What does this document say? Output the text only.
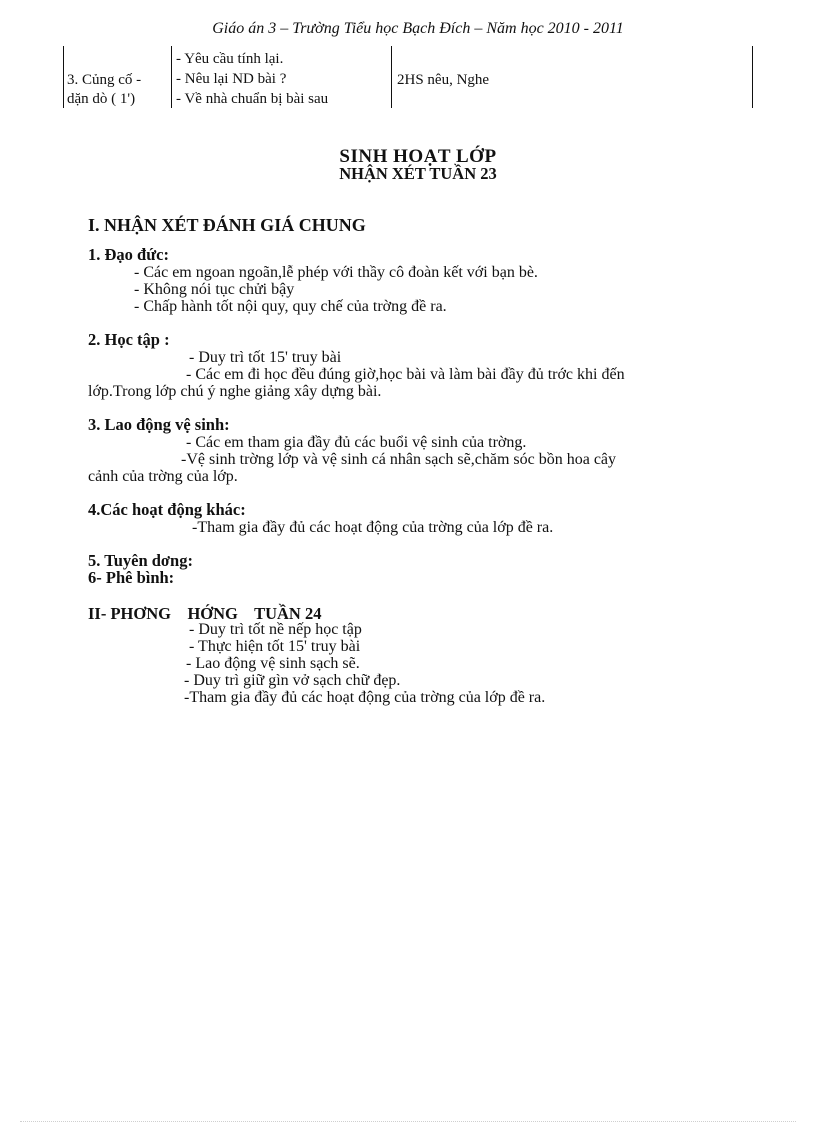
Giáo án 3 – Trường Tiểu học Bạch Đích – Năm học 2010 - 2011
3. Củng cố -
dặn dò ( 1')
- Yêu cầu tính lại.
- Nêu lại ND bài ?
- Về nhà chuẩn bị bài sau
2HS nêu, Nghe
SINH HOẠT LỚP
NHẬN XÉT TUẦN 23
I. NHẬN XÉT ĐÁNH GIÁ CHUNG
1. Đạo đức:
- Các em ngoan ngoãn,lễ phép với thầy cô đoàn kết với bạn bè.
- Không nói tục chửi bậy
- Chấp hành tốt nội quy, quy chế của trờng đề ra.
2. Học tập :
- Duy trì tốt 15' truy bài
- Các em đi học đều đúng giờ,học bài và làm bài đầy đủ trớc khi đến
lớp.Trong lớp chú ý nghe giảng xây dựng bài.
3. Lao động vệ sinh:
- Các em tham gia đầy đủ các buổi vệ sinh của trờng.
-Vệ sinh trờng lớp và vệ sinh cá nhân sạch sẽ,chăm sóc bồn hoa cây
cảnh của trờng của lớp.
4.Các hoạt động khác:
-Tham gia đầy đủ các hoạt động của trờng của lớp đề ra.
5. Tuyên dơng:
6- Phê bình:
II- PHƠNG    HỚNG    TUẦN 24
- Duy trì tốt nề nếp học tập
- Thực hiện tốt 15' truy bài
- Lao động vệ sinh sạch sẽ.
- Duy trì giữ gìn vở sạch chữ đẹp.
-Tham gia đầy đủ các hoạt động của trờng của lớp đề ra.
